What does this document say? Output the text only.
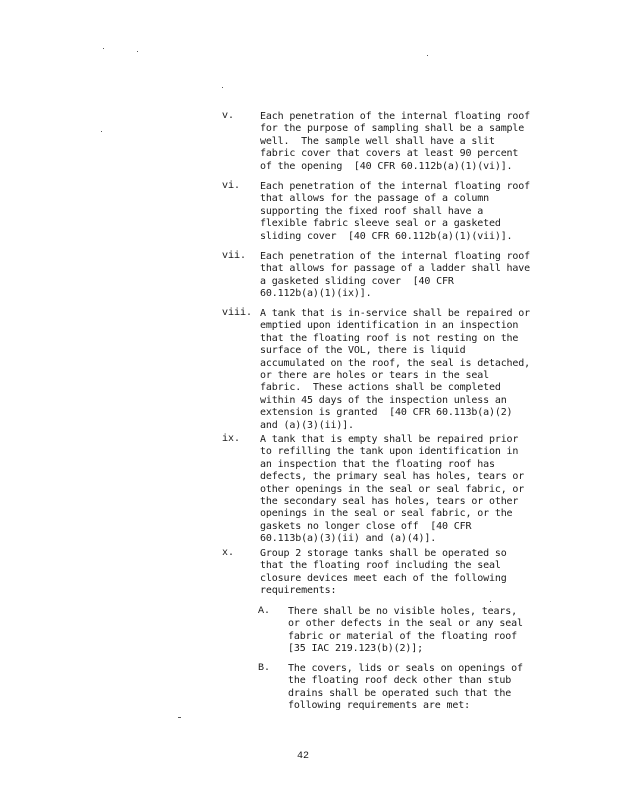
v.	Each penetration of the internal floating roof
for the purpose of sampling shall be a sample
well.  The sample well shall have a slit
fabric cover that covers at least 90 percent
of the opening  [40 CFR 60.112b(a)(1)(vi)].
vi. Each penetration of the internal floating roof
that allows for the passage of a column
supporting the fixed roof shall have a
flexible fabric sleeve seal or a gasketed
sliding cover  [40 CFR 60.112b(a)(1)(vii)].
vii. Each penetration of the internal floating roof
that allows for passage of a ladder shall have
a gasketed sliding cover  [40 CFR
60.112b(a)(1)(ix)].
viii. A tank that is in-service shall be repaired or
emptied upon identification in an inspection
that the floating roof is not resting on the
surface of the VOL, there is liquid
accumulated on the roof, the seal is detached,
or there are holes or tears in the seal
fabric.  These actions shall be completed
within 45 days of the inspection unless an
extension is granted  [40 CFR 60.113b(a)(2)
and (a)(3)(ii)].
ix. A tank that is empty shall be repaired prior
to refilling the tank upon identification in
an inspection that the floating roof has
defects, the primary seal has holes, tears or
other openings in the seal or seal fabric, or
the secondary seal has holes, tears or other
openings in the seal or seal fabric, or the
gaskets no longer close off  [40 CFR
60.113b(a)(3)(ii) and (a)(4)].
x.	Group 2 storage tanks shall be operated so
that the floating roof including the seal
closure devices meet each of the following
requirements:
A. There shall be no visible holes, tears,
or other defects in the seal or any seal
fabric or material of the floating roof
[35 IAC 219.123(b)(2)];
B. The covers, lids or seals on openings of
the floating roof deck other than stub
drains shall be operated such that the
following requirements are met:
42
